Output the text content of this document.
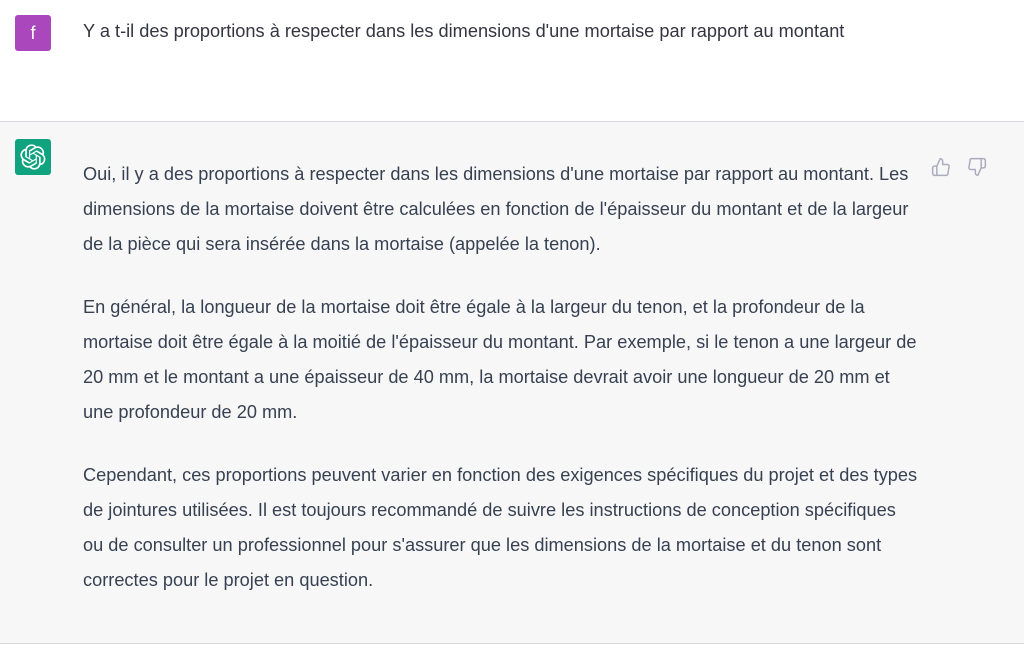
f	Y a t-il des proportions à respecter dans les dimensions d'une mortaise par rapport au montant

Oui, il y a des proportions à respecter dans les dimensions d'une mortaise par rapport au montant. Les dimensions de la mortaise doivent être calculées en fonction de l'épaisseur du montant et de la largeur de la pièce qui sera insérée dans la mortaise (appelée la tenon).

En général, la longueur de la mortaise doit être égale à la largeur du tenon, et la profondeur de la mortaise doit être égale à la moitié de l'épaisseur du montant. Par exemple, si le tenon a une largeur de 20 mm et le montant a une épaisseur de 40 mm, la mortaise devrait avoir une longueur de 20 mm et une profondeur de 20 mm.

Cependant, ces proportions peuvent varier en fonction des exigences spécifiques du projet et des types de jointures utilisées. Il est toujours recommandé de suivre les instructions de conception spécifiques ou de consulter un professionnel pour s'assurer que les dimensions de la mortaise et du tenon sont correctes pour le projet en question.
